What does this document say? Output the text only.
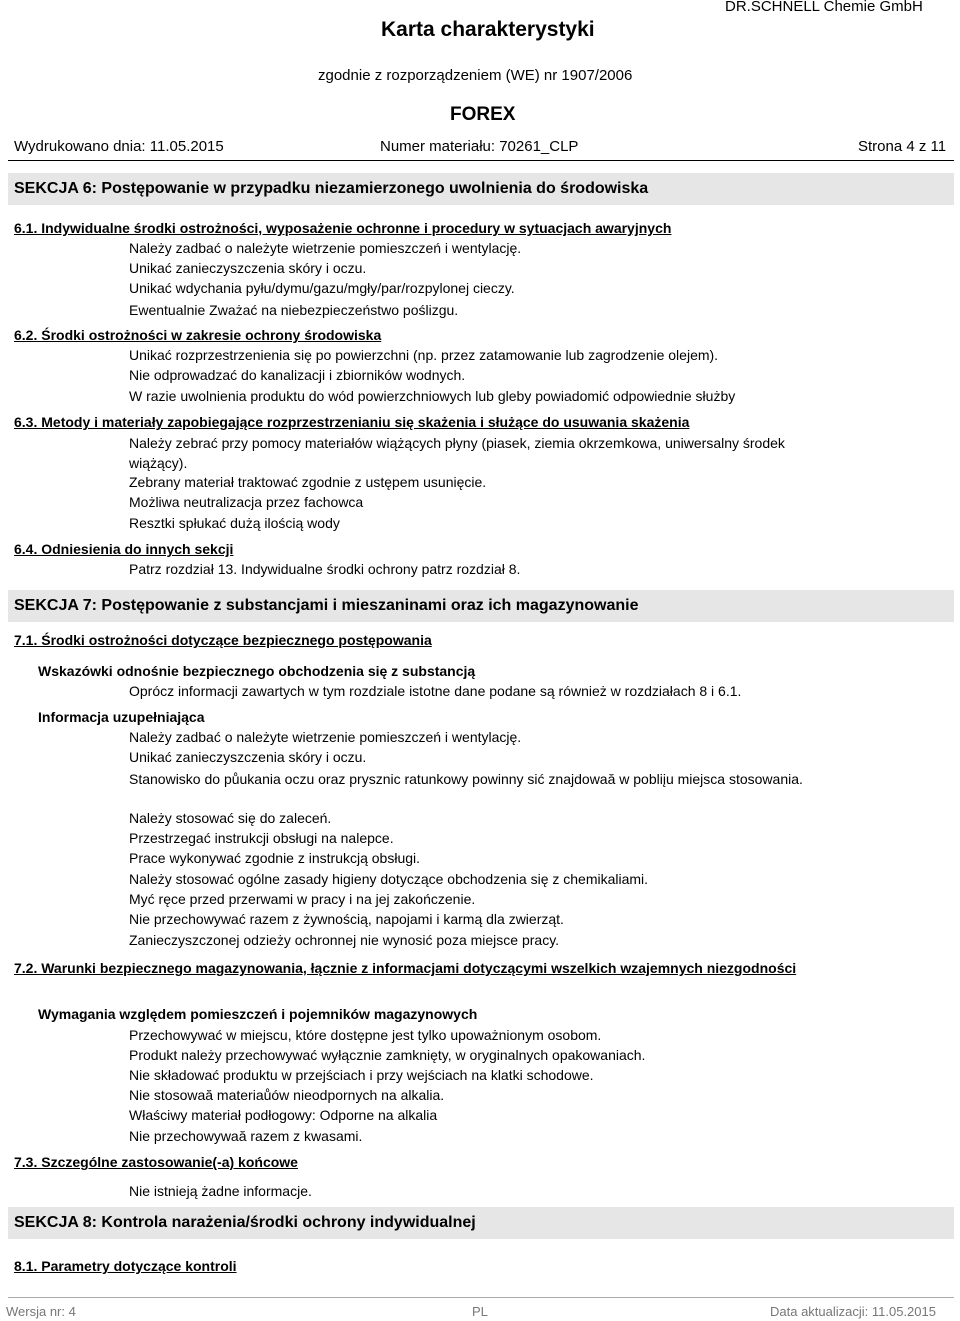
Karta charakterystyki
DR.SCHNELL Chemie GmbH
zgodnie z rozporządzeniem (WE) nr 1907/2006
FOREX
Wydrukowano dnia: 11.05.2015	Numer materiału: 70261_CLP	Strona 4 z 11
SEKCJA 6: Postępowanie w przypadku niezamierzonego uwolnienia do środowiska
6.1. Indywidualne środki ostrożności, wyposażenie ochronne i procedury w sytuacjach awaryjnych
Należy zadbać o należyte wietrzenie pomieszczeń i wentylację.
Unikać zanieczyszczenia skóry i oczu.
Unikać wdychania pyłu/dymu/gazu/mgły/par/rozpylonej cieczy.
Ewentualnie Zważać na niebezpieczeństwo poślizgu.
6.2. Środki ostrożności w zakresie ochrony środowiska
Unikać rozprzestrzenienia się po powierzchni (np. przez zatamowanie lub zagrodzenie olejem).
Nie odprowadzać do kanalizacji i zbiorników wodnych.
W razie uwolnienia produktu do wód powierzchniowych lub gleby powiadomić odpowiednie służby
6.3. Metody i materiały zapobiegające rozprzestrzenianiu się skażenia i służące do usuwania skażenia
Należy zebrać przy pomocy materiałów wiążących płyny (piasek, ziemia okrzemkowa, uniwersalny środek wiążący).
Zebrany materiał traktować zgodnie z ustępem usunięcie.
Możliwa neutralizacja przez fachowca
Resztki spłukać dużą ilością wody
6.4. Odniesienia do innych sekcji
Patrz rozdział 13. Indywidualne środki ochrony patrz rozdział 8.
SEKCJA 7: Postępowanie z substancjami i mieszaninami oraz ich magazynowanie
7.1. Środki ostrożności dotyczące bezpiecznego postępowania
Wskazówki odnośnie bezpiecznego obchodzenia się z substancją
Oprócz informacji zawartych w tym rozdziale istotne dane podane są również w rozdziałach 8 i 6.1.
Informacja uzupełniająca
Należy zadbać o należyte wietrzenie pomieszczeń i wentylację.
Unikać zanieczyszczenia skóry i oczu.
Stanowisko do půukania oczu oraz prysznic ratunkowy powinny sić znajdowaă w pobliįu miejsca stosowania.
Należy stosować się do zaleceń.
Przestrzegać instrukcji obsługi na nalepce.
Prace wykonywać zgodnie z instrukcją obsługi.
Należy stosować ogólne zasady higieny dotyczące obchodzenia się z chemikaliami.
Myć ręce przed przerwami w pracy i na jej zakończenie.
Nie przechowywać razem z żywnością, napojami i karmą dla zwierząt.
Zanieczyszczonej odzieży ochronnej nie wynosić poza miejsce pracy.
7.2. Warunki bezpiecznego magazynowania, łącznie z informacjami dotyczącymi wszelkich wzajemnych niezgodności
Wymagania względem pomieszczeń i pojemników magazynowych
Przechowywać w miejscu, które dostępne jest tylko upoważnionym osobom.
Produkt należy przechowywać wyłącznie zamknięty, w oryginalnych opakowaniach.
Nie składować produktu w przejściach i przy wejściach na klatki schodowe.
Nie stosowaă materiaůów nieodpornych na alkalia.
Właściwy materiał podłogowy: Odporne na alkalia
Nie przechowywaă razem z kwasami.
7.3. Szczególne zastosowanie(-a) końcowe
Nie istnieją żadne informacje.
SEKCJA 8: Kontrola narażenia/środki ochrony indywidualnej
8.1. Parametry dotyczące kontroli
Wersja nr: 4	PL	Data aktualizacji: 11.05.2015
